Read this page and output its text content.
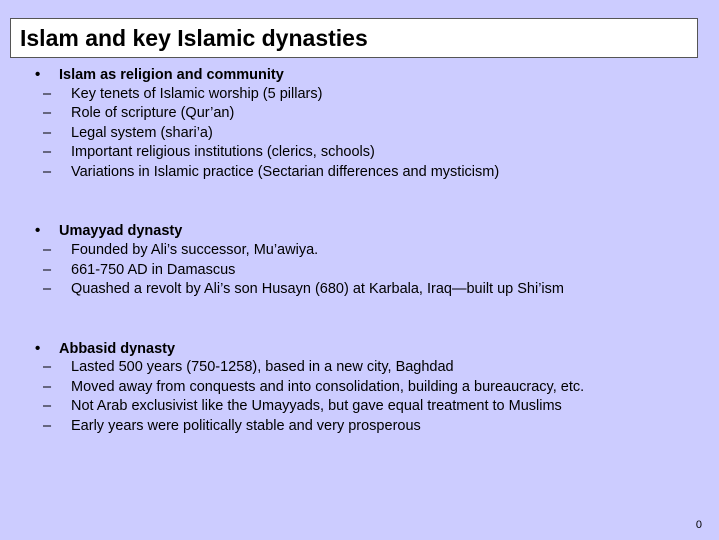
Islam and key Islamic dynasties
•	Islam as religion and community
–	Key tenets of Islamic worship (5 pillars)
–	Role of scripture (Qur’an)
–	Legal system (shari’a)
–	Important religious institutions (clerics, schools)
–	Variations in Islamic practice (Sectarian differences and mysticism)
•	Umayyad dynasty
–	Founded by Ali’s successor, Mu’awiya.
–	661-750 AD in Damascus
–	Quashed a revolt by Ali’s son Husayn (680) at Karbala, Iraq—built up Shi’ism
•	Abbasid dynasty
–	Lasted 500 years (750-1258), based in a new city, Baghdad
–	Moved away from conquests and into consolidation, building a bureaucracy, etc.
–	Not Arab exclusivist like the Umayyads, but gave equal treatment to Muslims
–	Early years were politically stable and very prosperous
0
